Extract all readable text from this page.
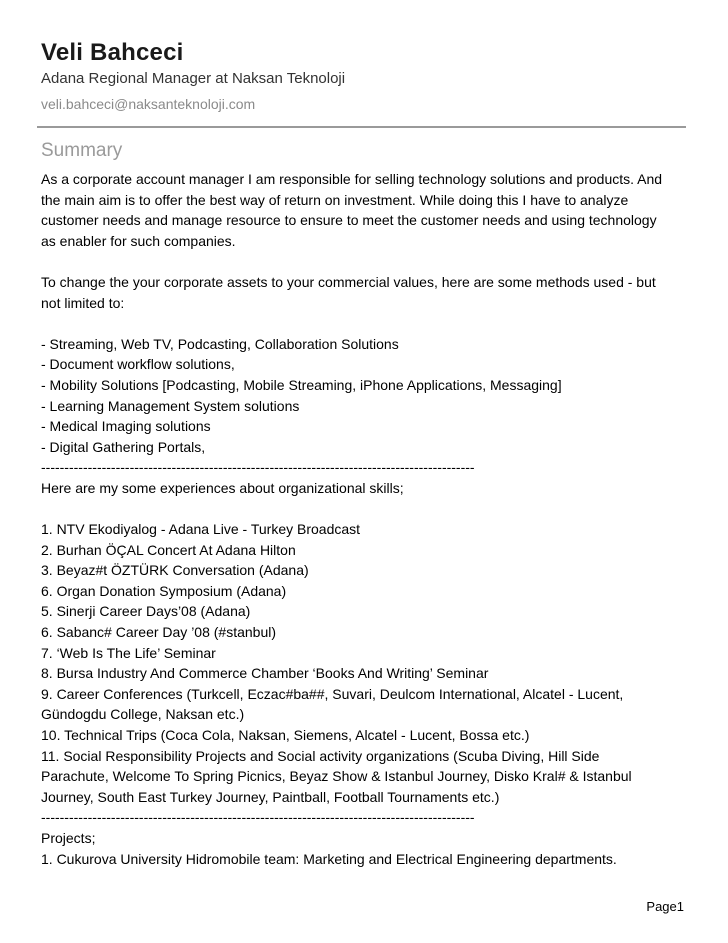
Veli Bahceci
Adana Regional Manager at Naksan Teknoloji
veli.bahceci@naksanteknoloji.com
Summary

As a corporate account manager I am responsible for selling technology solutions and products. And

the main aim is to offer the best way of return on investment. While doing this I have to analyze

customer needs and manage resource to ensure to meet the customer needs and using technology

as enabler for such companies.

To change the your corporate assets to your commercial values, here are some methods used - but

not limited to:

- Streaming, Web TV, Podcasting, Collaboration Solutions

- Document workflow solutions,

- Mobility Solutions [Podcasting, Mobile Streaming, iPhone Applications, Messaging]

- Learning Management System solutions

- Medical Imaging solutions

- Digital Gathering Portals,

---------------------------------------------------------------------------------------------

Here are my some experiences about organizational skills;

1. NTV Ekodiyalog - Adana Live - Turkey Broadcast

2. Burhan ÖÇAL Concert At Adana Hilton

3. Beyaz#t ÖZTÜRK Conversation (Adana)

6. Organ Donation Symposium (Adana)

5. Sinerji Career Days’08 (Adana)

6. Sabanc# Career Day ’08 (#stanbul)

7. ‘Web Is The Life’ Seminar

8. Bursa Industry And Commerce Chamber ‘Books And Writing’ Seminar

9. Career Conferences (Turkcell, Eczac#ba##, Suvari, Deulcom International, Alcatel - Lucent,

Gündogdu College, Naksan etc.)

10. Technical Trips (Coca Cola, Naksan, Siemens, Alcatel - Lucent, Bossa etc.)

11. Social Responsibility Projects and Social activity organizations (Scuba Diving, Hill Side

Parachute, Welcome To Spring Picnics, Beyaz Show & Istanbul Journey, Disko Kral# & Istanbul

Journey, South East Turkey Journey, Paintball, Football Tournaments etc.)

---------------------------------------------------------------------------------------------

Projects;

1. Cukurova University Hidromobile team: Marketing and Electrical Engineering departments.

Page1
